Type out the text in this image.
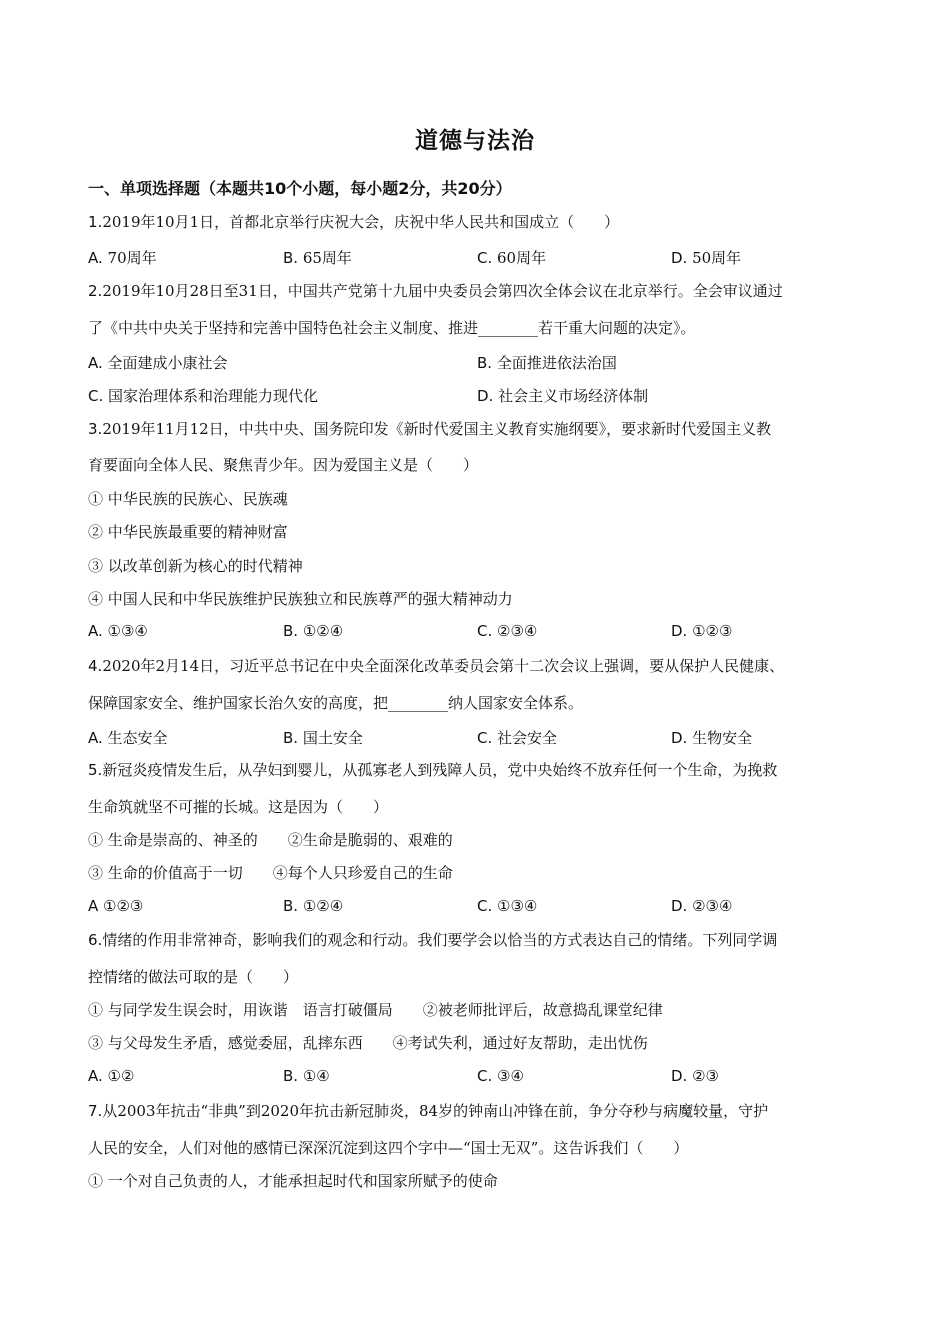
道德与法治
一、单项选择题（本题共10个小题，每小题2分，共20分）
1.2019年10月1日，首都北京举行庆祝大会，庆祝中华人民共和国成立（　　）
A. 70周年	B. 65周年	C. 60周年	D. 50周年
2.2019年10月28日至31日，中国共产党第十九届中央委员会第四次全体会议在北京举行。全会审议通过
了《中共中央关于坚持和完善中国特色社会主义制度、推进________若干重大问题的决定》。
A. 全面建成小康社会	B. 全面推进依法治国
C. 国家治理体系和治理能力现代化	D. 社会主义市场经济体制
3.2019年11月12日，中共中央、国务院印发《新时代爱国主义教育实施纲要》，要求新时代爱国主义教
育要面向全体人民、聚焦青少年。因为爱国主义是（　　）
① 中华民族的民族心、民族魂
② 中华民族最重要的精神财富
③ 以改革创新为核心的时代精神
④ 中国人民和中华民族维护民族独立和民族尊严的强大精神动力
A. ①③④	B. ①②④	C. ②③④	D. ①②③
4.2020年2月14日，习近平总书记在中央全面深化改革委员会第十二次会议上强调，要从保护人民健康、
保障国家安全、维护国家长治久安的高度，把________纳人国家安全体系。
A. 生态安全	B. 国土安全	C. 社会安全	D. 生物安全
5.新冠炎疫情发生后，从孕妇到婴儿，从孤寡老人到残障人员，党中央始终不放弃任何一个生命，为挽救
生命筑就坚不可摧的长城。这是因为（　　）
① 生命是崇高的、神圣的　　②生命是脆弱的、艰难的
③ 生命的价值高于一切　　④每个人只珍爱自己的生命
A ①②③	B. ①②④	C. ①③④	D. ②③④
6.情绪的作用非常神奇，影响我们的观念和行动。我们要学会以恰当的方式表达自己的情绪。下列同学调
控情绪的做法可取的是（　　）
① 与同学发生误会时，用诙谐　语言打破僵局　　②被老师批评后，故意捣乱课堂纪律
③ 与父母发生矛盾，感觉委屈，乱摔东西　　④考试失利，通过好友帮助，走出忧伤
A. ①②	B. ①④	C. ③④	D. ②③
7.从2003年抗击“非典”到2020年抗击新冠肺炎，84岁的钟南山冲锋在前，争分夺秒与病魔较量，守护
人民的安全，人们对他的感情已深深沉淀到这四个字中—“国士无双”。这告诉我们（　　）
① 一个对自己负责的人，才能承担起时代和国家所赋予的使命
